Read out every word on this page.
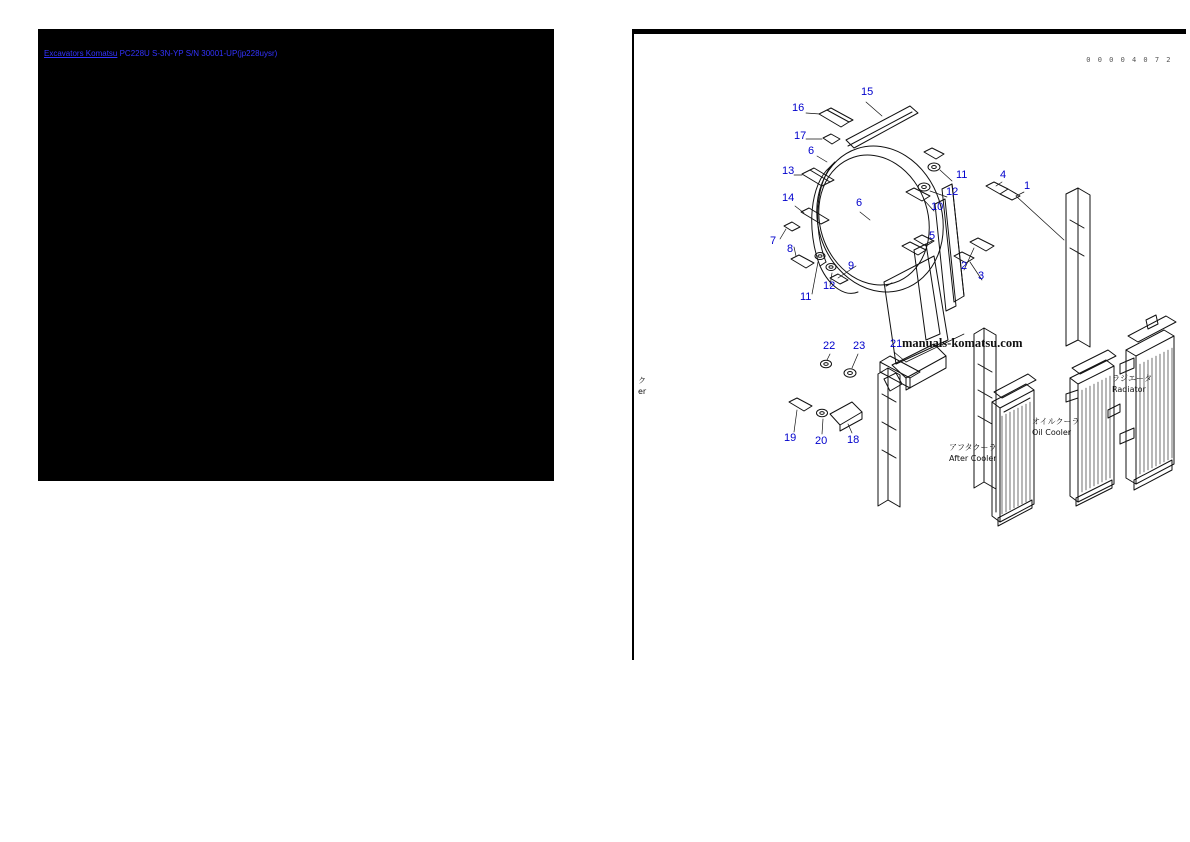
Excavators Komatsu PC228U S-3N-YP S/N 30001-UP(jp228uysr)
0 0 0 0 4 0 7 2
manuals-komatsu.com
15
16
17
13
6
11	4
1
12
6	10
14
7
8
5
9	2
3
11
12
22 23 21
19 20 18
アフタクーラ
After Cooler
オイルクーラ
Oil Cooler
ラジエータ
Radiator
ク
er
